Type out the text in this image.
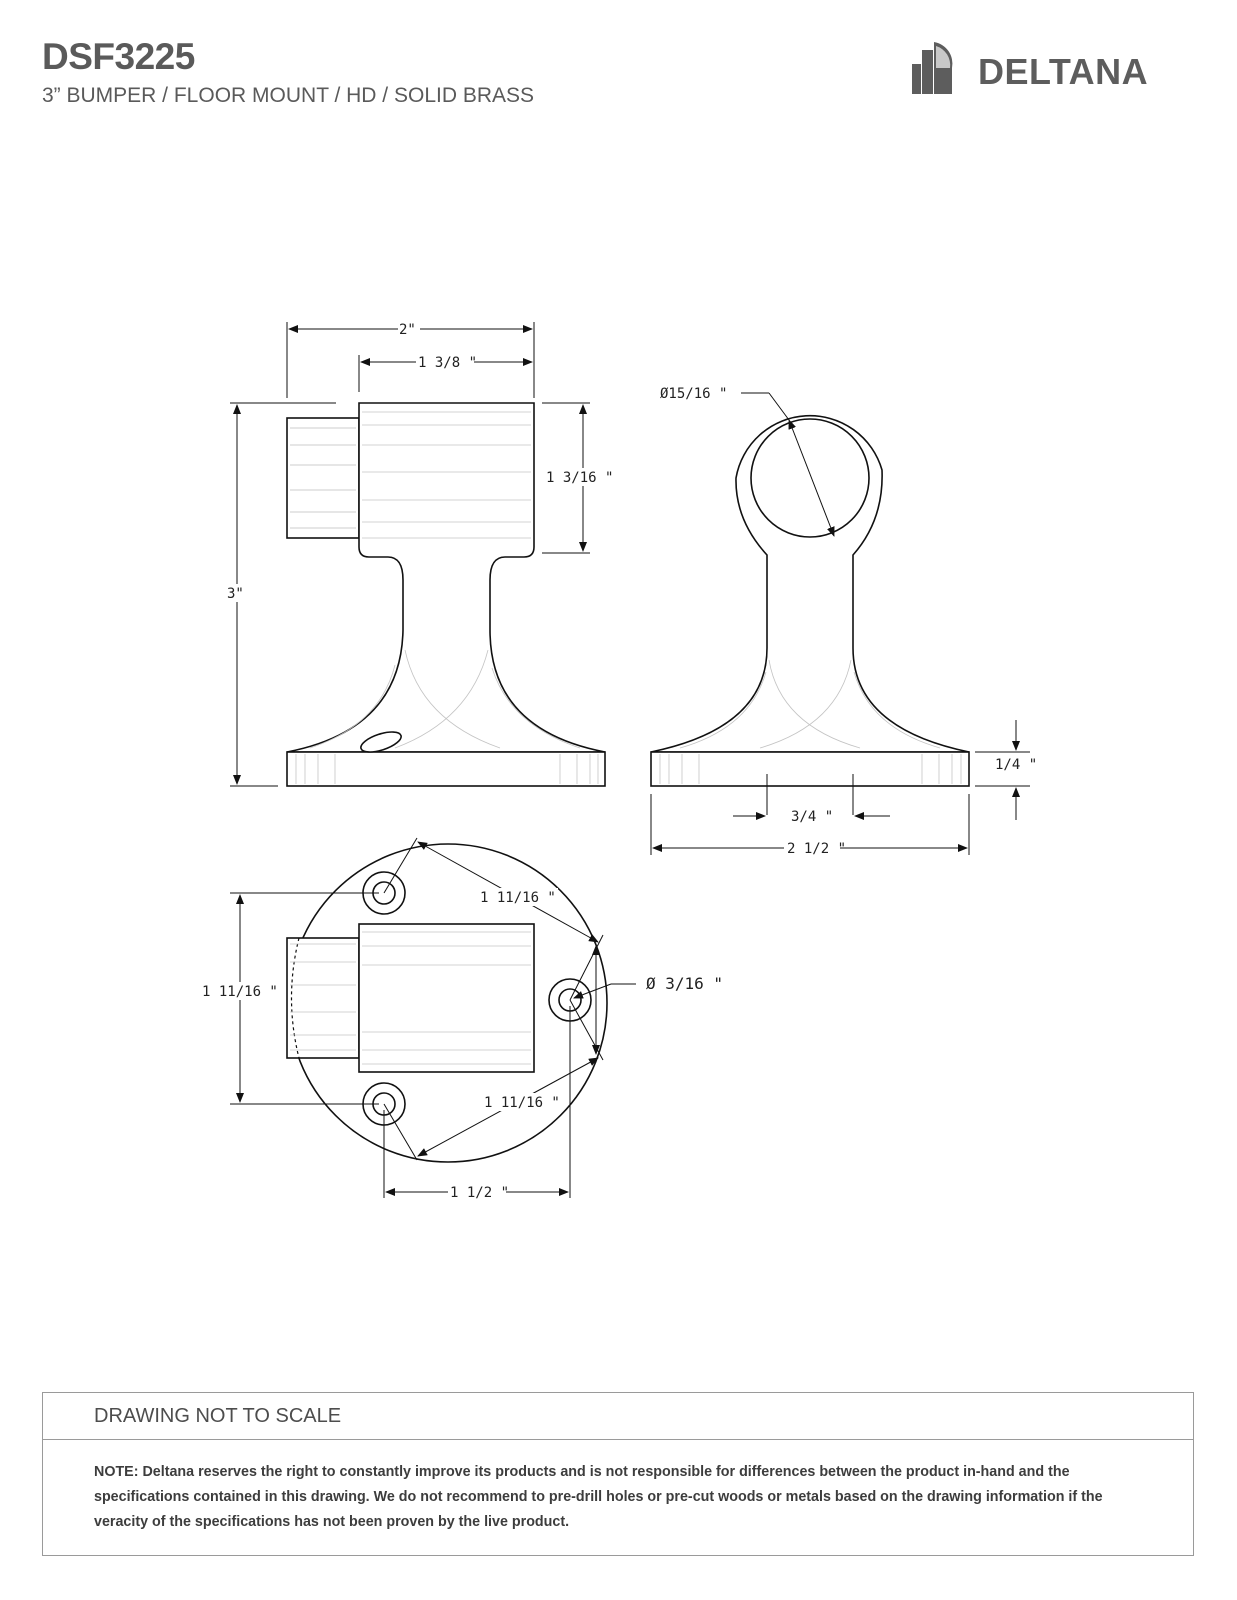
DSF3225
3” BUMPER / FLOOR MOUNT / HD / SOLID BRASS
DELTANA
2"
1 3/8 "
1 3/16 "
3"
Ø15/16 "
1/4 "
3/4 "
2 1/2 "
1 11/16 "
1 11/16 "
1 11/16 "	Ø 3/16 "
1 1/2 "
DRAWING NOT TO SCALE
NOTE: Deltana reserves the right to constantly improve its products and is not responsible for differences between the product in-hand and the specifications contained in this drawing. We do not recommend to pre-drill holes or pre-cut woods or metals based on the drawing information if the veracity of the specifications has not been proven by the live product.
